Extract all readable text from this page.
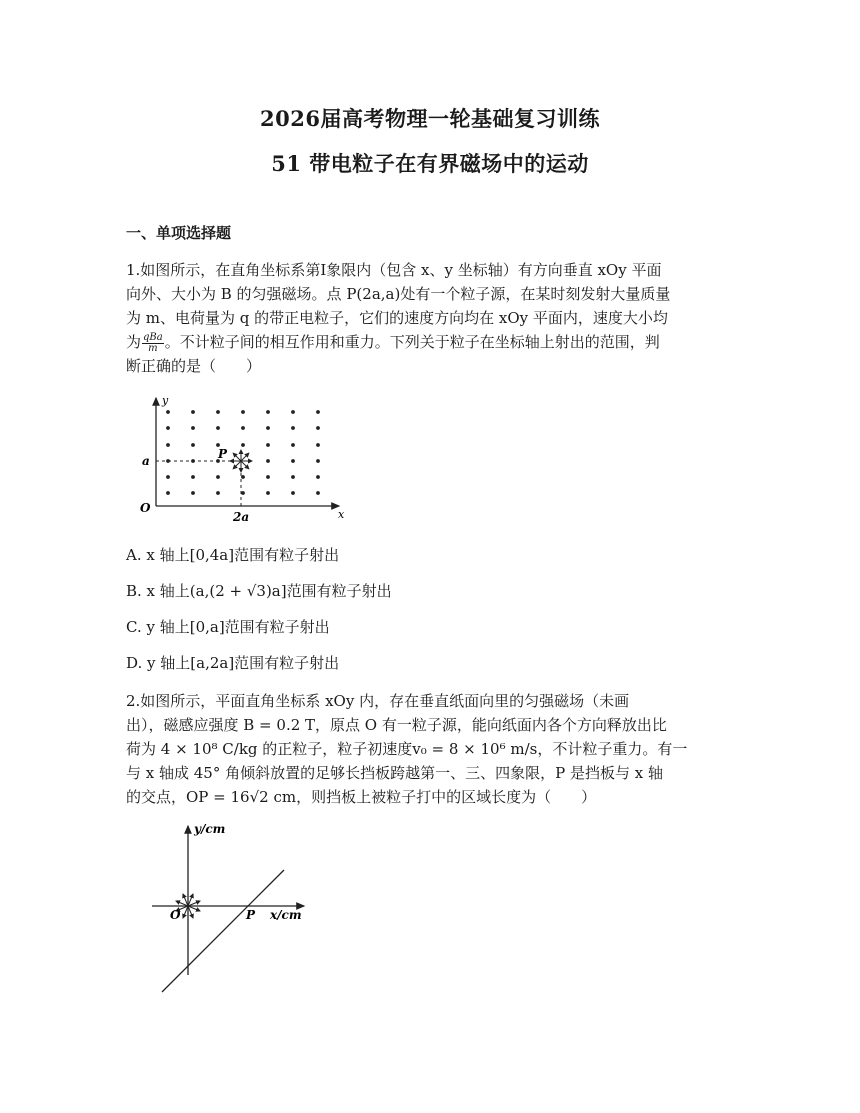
2026届高考物理一轮基础复习训练
51 带电粒子在有界磁场中的运动
一、单项选择题
1.如图所示，在直角坐标系第Ⅰ象限内（包含 x、y 坐标轴）有方向垂直 xOy 平面
向外、大小为 B 的匀强磁场。点 P(2a,a)处有一个粒子源，在某时刻发射大量质量
为 m、电荷量为 q 的带正电粒子，它们的速度方向均在 xOy 平面内，速度大小均
为 $\frac{\text{qBa}}{m}$ 。不计粒子间的相互作用和重力。下列关于粒子在坐标轴上射出的范围，判
断正确的是（　　）
y
x
O
a
2a
P
A. x 轴上[0,4a]范围有粒子射出
B. x 轴上(a,(2 + √3)a]范围有粒子射出
C. y 轴上[0,a]范围有粒子射出
D. y 轴上[a,2a]范围有粒子射出
2.如图所示，平面直角坐标系 xOy 内，存在垂直纸面向里的匀强磁场（未画
出），磁感应强度 B = 0.2 T，原点 O 有一粒子源，能向纸面内各个方向释放出比
荷为 4 × 10⁸ C/kg 的正粒子，粒子初速度v₀ = 8 × 10⁶ m/s，不计粒子重力。有一
与 x 轴成 45° 角倾斜放置的足够长挡板跨越第一、三、四象限，P 是挡板与 x 轴
的交点，OP = 16√2 cm，则挡板上被粒子打中的区域长度为（　　）
y/cm
x/cm
O	P
